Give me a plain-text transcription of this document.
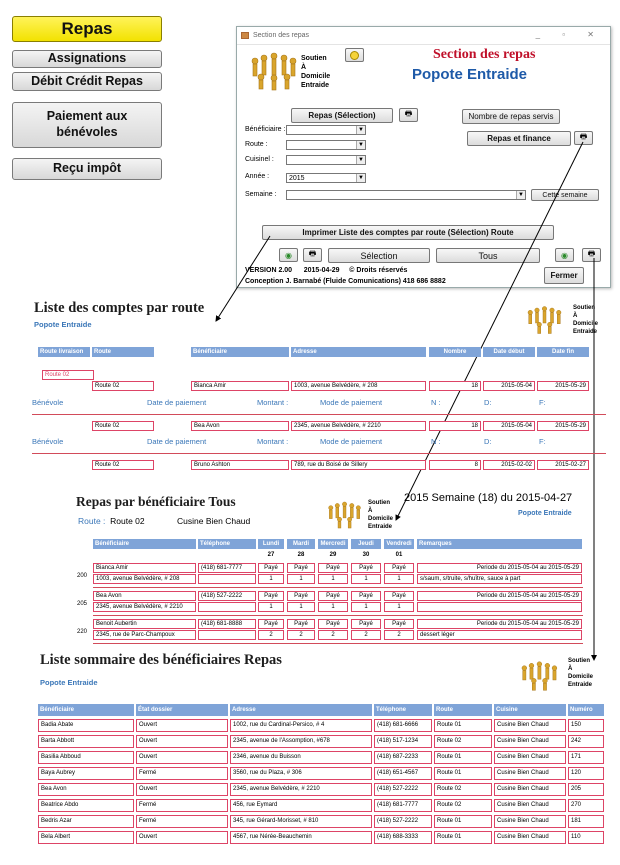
Repas
Assignations
Débit Crédit Repas
Paiement aux bénévoles
Reçu impôt
Section des repas	_ ▫ ✕
Soutien
À
Domicile
Entraide
Section des repas
Popote Entraide
Repas (Sélection)	🖶	Nombre de repas servis
Repas et finance	🖶
Bénéficiaire :	▼
Route :	▼
Cuisinel :	▼
Année :	2015	▼
Semaine :	▼	Cette semaine
Imprimer Liste des comptes par route (Sélection) Route
◉ 🖶	Sélection	Tous	◉ 🖶
VERSION 2.00 2015-04-29 © Droits réservés
Conception J. Barnabé (Fluide Comunications) 418 686 8882
Fermer
Liste des comptes par route
Popote Entraide
Soutien
À
Domicile
Entraide
Route livraison	Route	Bénéficiaire	Adresse	Nombre	Date début	Date fin
Route 02
Route 02	Bianca Amir	1003, avenue Belvédère, # 208	18	2015-05-04	2015-05-29
Bénévole	Date de paiement	Montant :	Mode de paiement	N :	D:	F:
Route 02	Bea Avon	2345, avenue Belvédère, # 2210	18	2015-05-04	2015-05-29
Bénévole	Date de paiement	Montant :	Mode de paiement	N :	D:	F:
Route 02	Bruno Ashton	789, rue du Boisé de Sillery	8	2015-02-02	2015-02-27
Repas par bénéficiaire Tous	2015 Semaine (18) du 2015-04-27
Popote Entraide
Route : Route 02	Cusine Bien Chaud
Soutien
À
Domicile
Entraide
Bénéficiaire	Téléphone	Lundi	Mardi	Mercredi	Jeudi	Vendredi	Remarques
27	28	29	30	01
200
Bianca Amir	(418) 681-7777	Payé	Payé	Payé	Payé	Payé	Periode du 2015-05-04 au 2015-05-29
1003, avenue Belvédère, # 208	1	1	1	1	1	s/saum, s/truite, s/huître, sauce à part
205
Bea Avon	(418) 527-2222	Payé	Payé	Payé	Payé	Payé	Periode du 2015-05-04 au 2015-05-29
2345, avenue Belvédère, # 2210	1	1	1	1	1
220
Benoit Aubertin	(418) 681-8888	Payé	Payé	Payé	Payé	Payé	Periode du 2015-05-04 au 2015-05-29
2345, rue de Parc-Champoux	2	2	2	2	2	dessert léger
Liste sommaire des bénéficiaires Repas
Popote Entraide
Soutien
À
Domicile
Entraide
Bénéficiaire	État dossier	Adresse	Téléphone	Route	Cuisine	Numéro
Badia Abate	Ouvert	1002, rue du Cardinal-Persico, # 4	(418) 681-6666	Route 01	Cusine Bien Chaud	150
Barta Abbott	Ouvert	2345, avenue de l'Assomption, #678	(418) 517-1234	Route 02	Cusine Bien Chaud	242
Basilia Abboud	Ouvert	2346, avenue du Buisson	(418) 687-2233	Route 01	Cusine Bien Chaud	171
Baya Aubrey	Fermé	3560, rue du Plaza, # 306	(418) 651-4567	Route 01	Cusine Bien Chaud	120
Bea Avon	Ouvert	2345, avenue Belvédère, # 2210	(418) 527-2222	Route 02	Cusine Bien Chaud	205
Beatrice Abdo	Fermé	456, rue Eymard	(418) 681-7777	Route 02	Cusine Bien Chaud	270
Bedris Azar	Fermé	345, rue Gérard-Morisset, # 810	(418) 527-2222	Route 01	Cusine Bien Chaud	181
Bela Albert	Ouvert	4567, rue Nérée-Beauchemin	(418) 688-3333	Route 01	Cusine Bien Chaud	110
